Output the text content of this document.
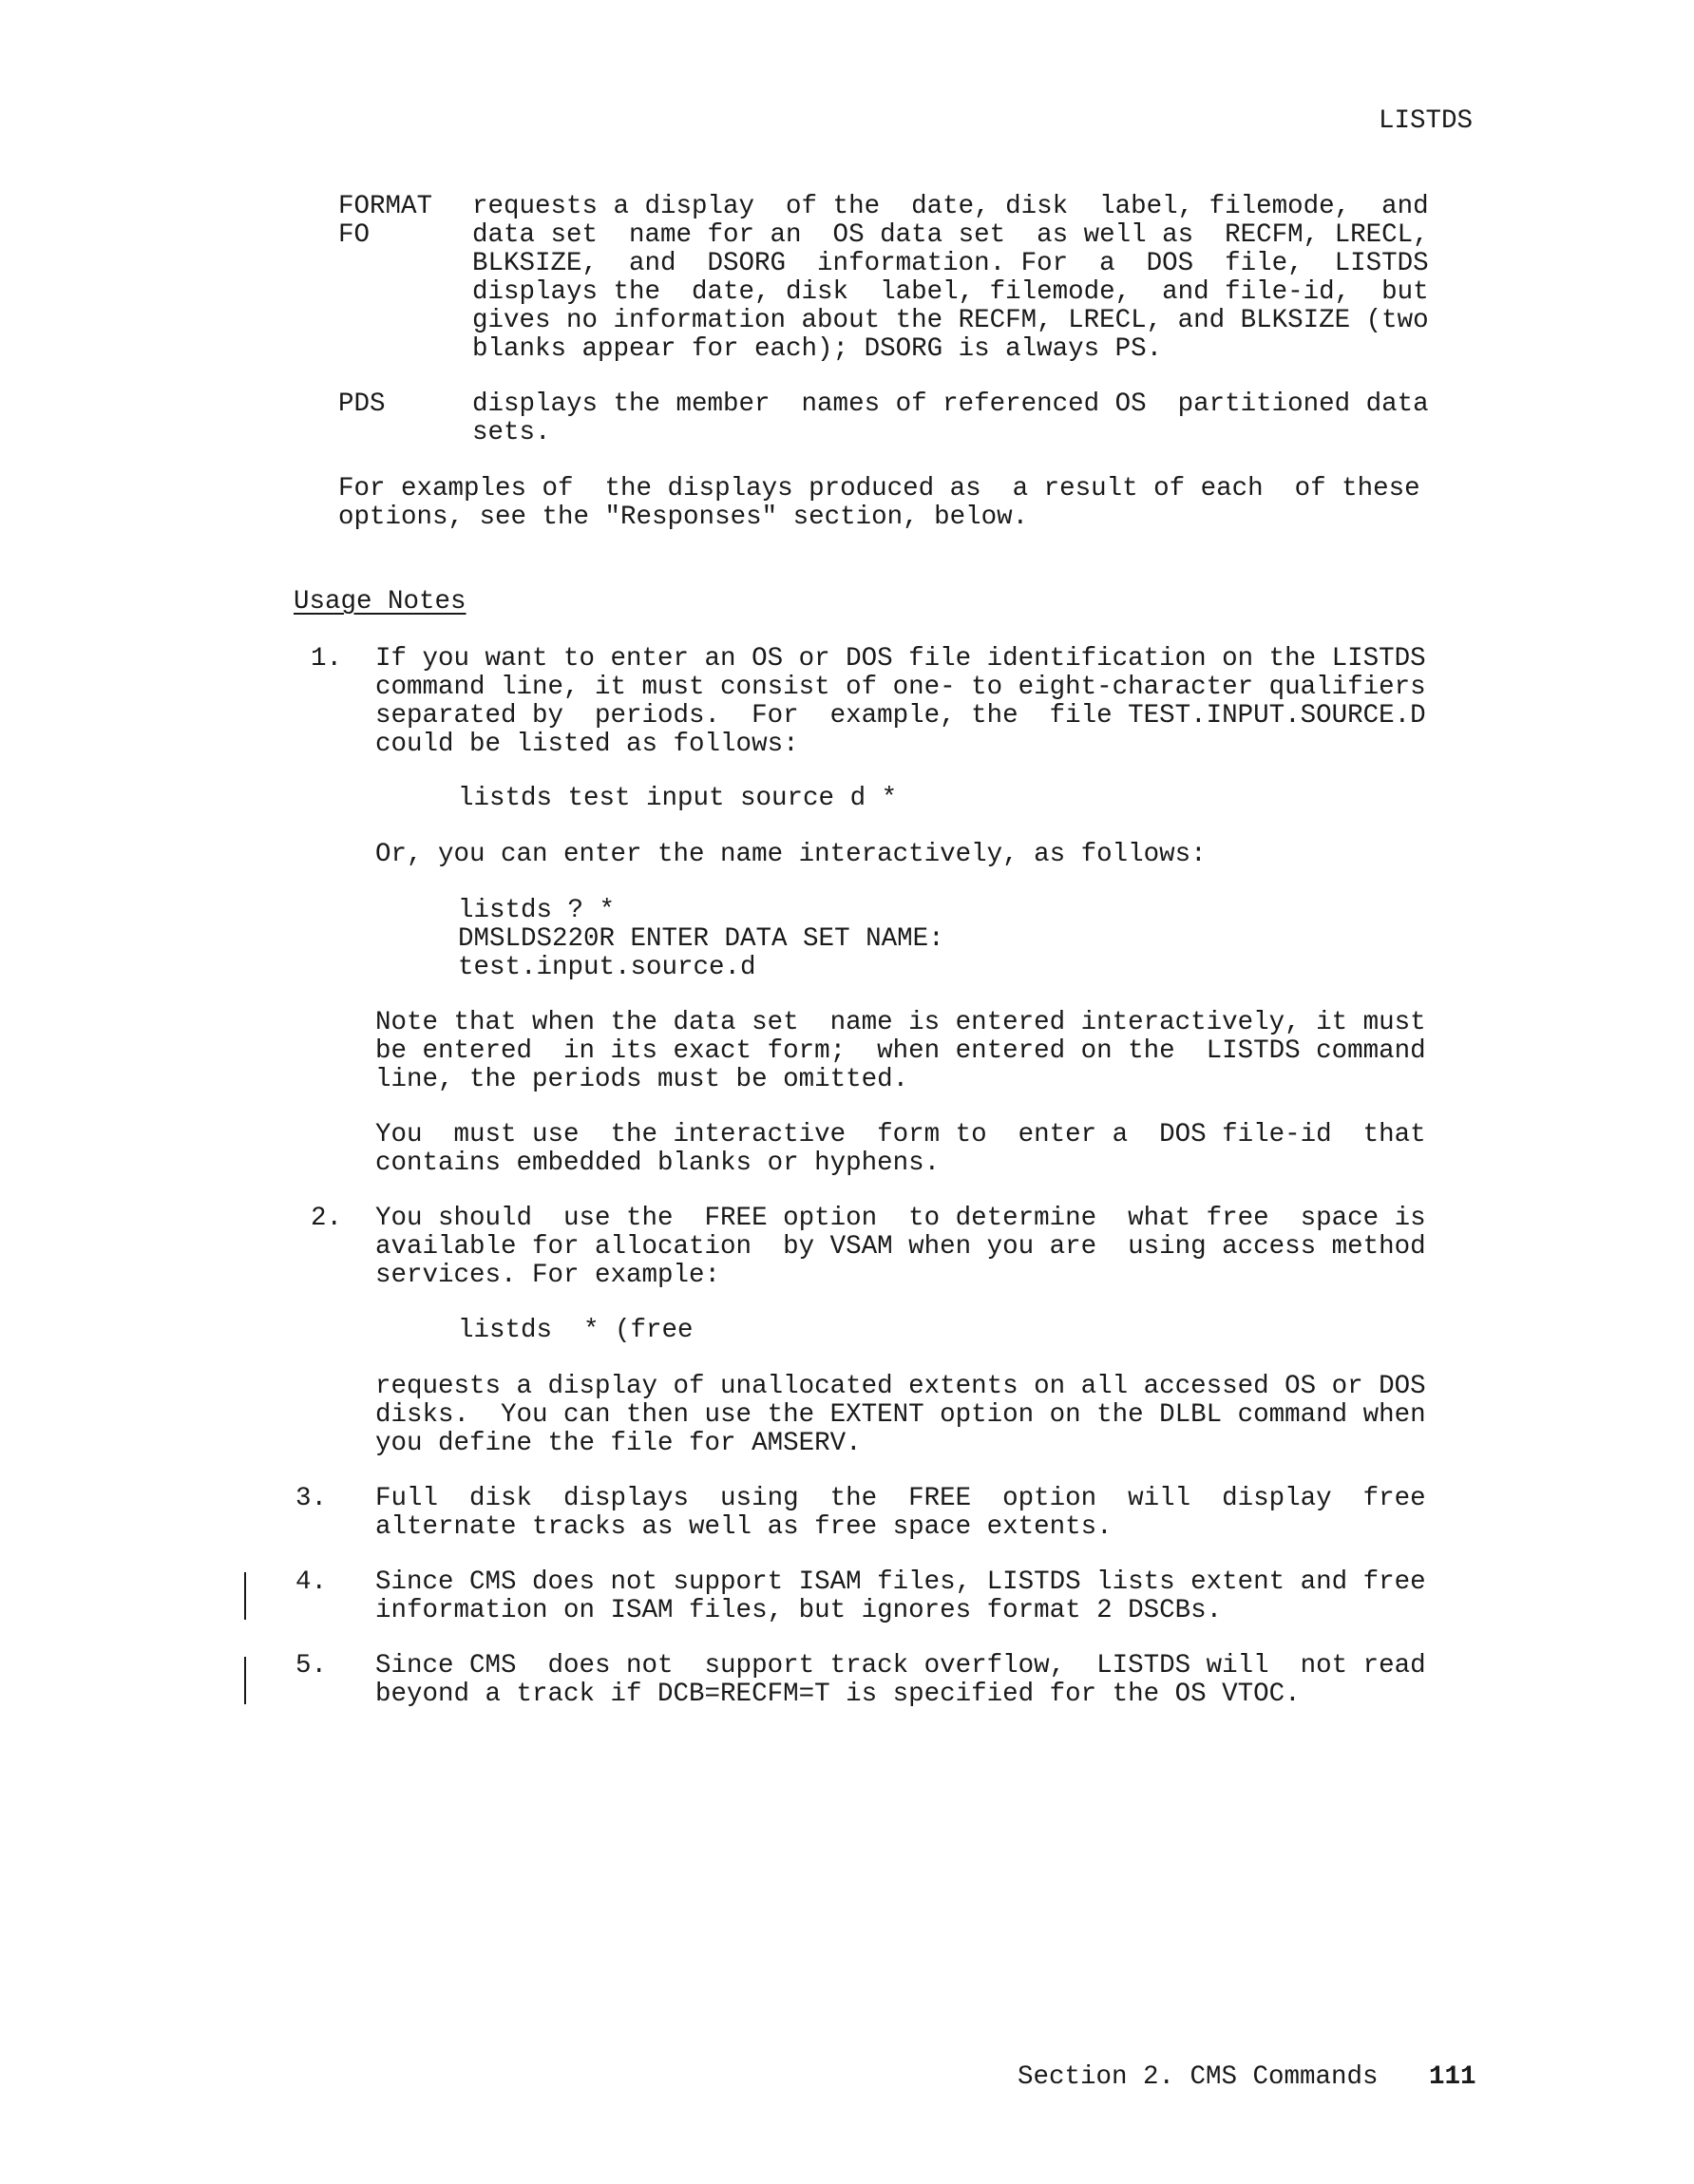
LISTDS
FORMAT
FO
requests a display  of the  date, disk  label, filemode,  and
data set  name for an  OS data set  as well as  RECFM, LRECL,
BLKSIZE,  and  DSORG  information. For  a  DOS  file,  LISTDS
displays the  date, disk  label, filemode,  and file-id,  but
gives no information about the RECFM, LRECL, and BLKSIZE (two
blanks appear for each); DSORG is always PS.
PDS	displays the member  names of referenced OS  partitioned data
sets.
For examples of  the displays produced as  a result of each  of these
options, see the "Responses" section, below.
Usage Notes
1. If you want to enter an OS or DOS file identification on the LISTDS
command line, it must consist of one- to eight-character qualifiers
separated by  periods.  For  example, the  file TEST.INPUT.SOURCE.D
could be listed as follows:
listds test input source d *
Or, you can enter the name interactively, as follows:
listds ? *
DMSLDS220R ENTER DATA SET NAME:
test.input.source.d
Note that when the data set  name is entered interactively, it must
be entered  in its exact form;  when entered on the  LISTDS command
line, the periods must be omitted.
You  must use  the interactive  form to  enter a  DOS file-id  that
contains embedded blanks or hyphens.
2. You should  use the  FREE option  to determine  what free  space is
available for allocation  by VSAM when you are  using access method
services. For example:
listds  * (free
requests a display of unallocated extents on all accessed OS or DOS
disks.  You can then use the EXTENT option on the DLBL command when
you define the file for AMSERV.
3. Full  disk  displays  using  the  FREE  option  will  display  free
alternate tracks as well as free space extents.
4. Since CMS does not support ISAM files, LISTDS lists extent and free
information on ISAM files, but ignores format 2 DSCBs.
5. Since CMS  does not  support track overflow,  LISTDS will  not read
beyond a track if DCB=RECFM=T is specified for the OS VTOC.
Section 2. CMS Commands 111
